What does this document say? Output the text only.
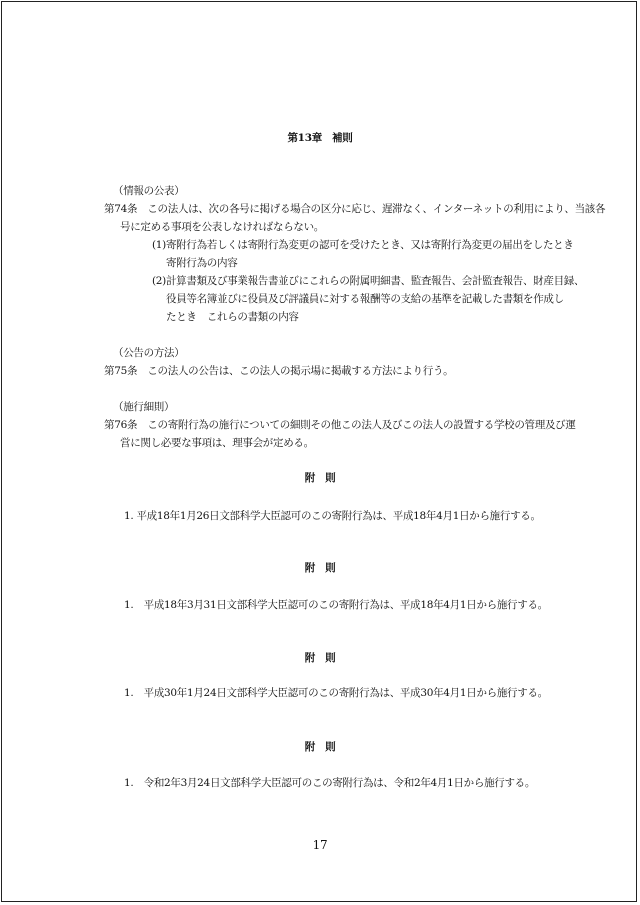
第13章　補則
（情報の公表）
第74条　この法人は、次の各号に掲げる場合の区分に応じ、遅滞なく、インターネットの利用により、当該各
号に定める事項を公表しなければならない。
(1)寄附行為若しくは寄附行為変更の認可を受けたとき、又は寄附行為変更の届出をしたとき
寄附行為の内容
(2)計算書類及び事業報告書並びにこれらの附属明細書、監査報告、会計監査報告、財産目録、
役員等名簿並びに役員及び評議員に対する報酬等の支給の基準を記載した書類を作成し
たとき　これらの書類の内容
（公告の方法）
第75条　この法人の公告は、この法人の掲示場に掲載する方法により行う。
（施行細則）
第76条　この寄附行為の施行についての細則その他この法人及びこの法人の設置する学校の管理及び運
営に関し必要な事項は、理事会が定める。
附　則
1. 平成18年1月26日文部科学大臣認可のこの寄附行為は、平成18年4月1日から施行する。
附　則
1.　平成18年3月31日文部科学大臣認可のこの寄附行為は、平成18年4月1日から施行する。
附　則
1.　平成30年1月24日文部科学大臣認可のこの寄附行為は、平成30年4月1日から施行する。
附　則
1.　令和2年3月24日文部科学大臣認可のこの寄附行為は、令和2年4月1日から施行する。
17
